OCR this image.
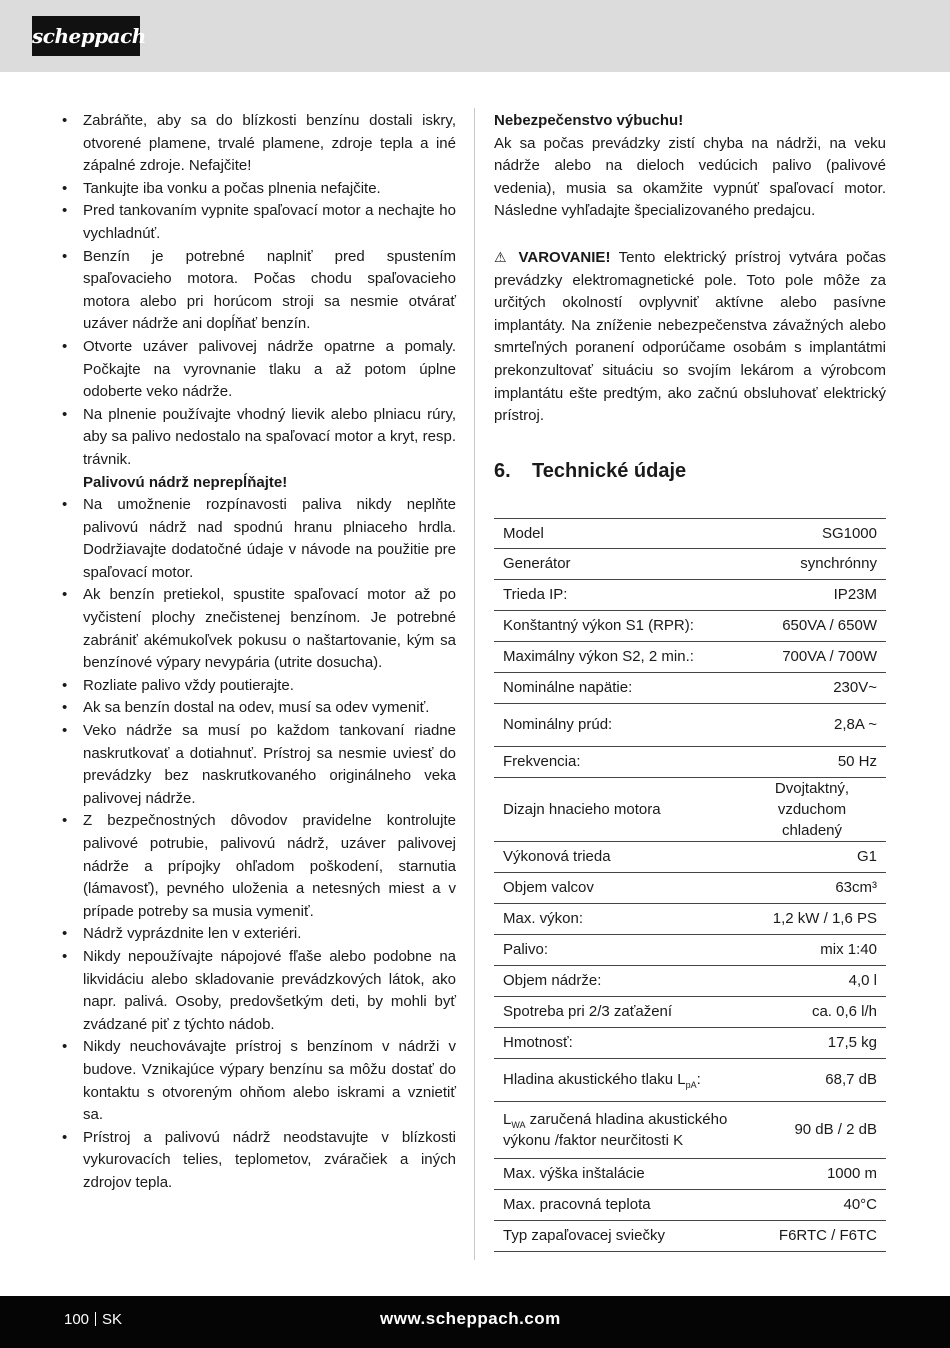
scheppach
• Zabráňte, aby sa do blízkosti benzínu dostali iskry, otvorené plamene, trvalé plamene, zdroje tepla a iné zápalné zdroje. Nefajčite!
• Tankujte iba vonku a počas plnenia nefajčite.
• Pred tankovaním vypnite spaľovací motor a nechajte ho vychladnúť.
• Benzín je potrebné naplniť pred spustením spaľovacieho motora. Počas chodu spaľovacieho motora alebo pri horúcom stroji sa nesmie otvárať uzáver nádrže ani dopĺňať benzín.
• Otvorte uzáver palivovej nádrže opatrne a pomaly. Počkajte na vyrovnanie tlaku a až potom úplne odoberte veko nádrže.
• Na plnenie používajte vhodný lievik alebo plniacu rúry, aby sa palivo nedostalo na spaľovací motor a kryt, resp. trávnik.
Palivovú nádrž neprepĺňajte!
• Na umožnenie rozpínavosti paliva nikdy neplňte palivovú nádrž nad spodnú hranu plniaceho hrdla. Dodržiavajte dodatočné údaje v návode na použitie pre spaľovací motor.
• Ak benzín pretiekol, spustite spaľovací motor až po vyčistení plochy znečistenej benzínom. Je potrebné zabrániť akémukoľvek pokusu o naštartovanie, kým sa benzínové výpary nevypária (utrite dosucha).
• Rozliate palivo vždy poutierajte.
• Ak sa benzín dostal na odev, musí sa odev vymeniť.
• Veko nádrže sa musí po každom tankovaní riadne naskrutkovať a dotiahnuť. Prístroj sa nesmie uviesť do prevádzky bez naskrutkovaného originálneho veka palivovej nádrže.
• Z bezpečnostných dôvodov pravidelne kontrolujte palivové potrubie, palivovú nádrž, uzáver palivovej nádrže a prípojky ohľadom poškodení, starnutia (lámavosť), pevného uloženia a netesných miest a v prípade potreby sa musia vymeniť.
• Nádrž vyprázdnite len v exteriéri.
• Nikdy nepoužívajte nápojové fľaše alebo podobne na likvidáciu alebo skladovanie prevádzkových látok, ako napr. palivá. Osoby, predovšetkým deti, by mohli byť zvádzané piť z týchto nádob.
• Nikdy neuchovávajte prístroj s benzínom v nádrži v budove. Vznikajúce výpary benzínu sa môžu dostať do kontaktu s otvoreným ohňom alebo iskrami a vznietiť sa.
• Prístroj a palivovú nádrž neodstavujte v blízkosti vykurovacích telies, teplometov, zváračiek a iných zdrojov tepla.

Nebezpečenstvo výbuchu!

Ak sa počas prevádzky zistí chyba na nádrži, na veku nádrže alebo na dieloch vedúcich palivo (palivové vedenia), musia sa okamžite vypnúť spaľovací motor. Následne vyhľadajte špecializovaného predajcu.

⚠ VAROVANIE! Tento elektrický prístroj vytvára počas prevádzky elektromagnetické pole. Toto pole môže za určitých okolností ovplyvniť aktívne alebo pasívne implantáty. Na zníženie nebezpečenstva závažných alebo smrteľných poranení odporúčame osobám s implantátmi prekonzultovať situáciu so svojím lekárom a výrobcom implantátu ešte predtým, ako začnú obsluhovať elektrický prístroj.

6. Technické údaje
Model	SG1000
Generátor	synchrónny
Trieda IP:	IP23M
Konštantný výkon S1 (RPR):	650VA / 650W
Maximálny výkon S2, 2 min.:	700VA / 700W
Nominálne napätie:	230V~
Nominálny prúd:	2,8A ~
Frekvencia:	50 Hz
Dizajn hnacieho motora	Dvojtaktný, vzduchom chladený
Výkonová trieda	G1
Objem valcov	63cm³
Max. výkon:	1,2 kW / 1,6 PS
Palivo:	mix 1:40
Objem nádrže:	4,0 l
Spotreba pri 2/3 zaťažení	ca. 0,6 l/h
Hmotnosť:	17,5 kg
Hladina akustického tlaku $L_{pA}$:	68,7 dB
$L_{WA}$ zaručená hladina akustického výkonu /faktor neurčitosti K	90 dB / 2 dB
Max. výška inštalácie	1000 m
Max. pracovná teplota	40°C
Typ zapaľovacej sviečky	F6RTC / F6TC
100 SK	www.scheppach.com
